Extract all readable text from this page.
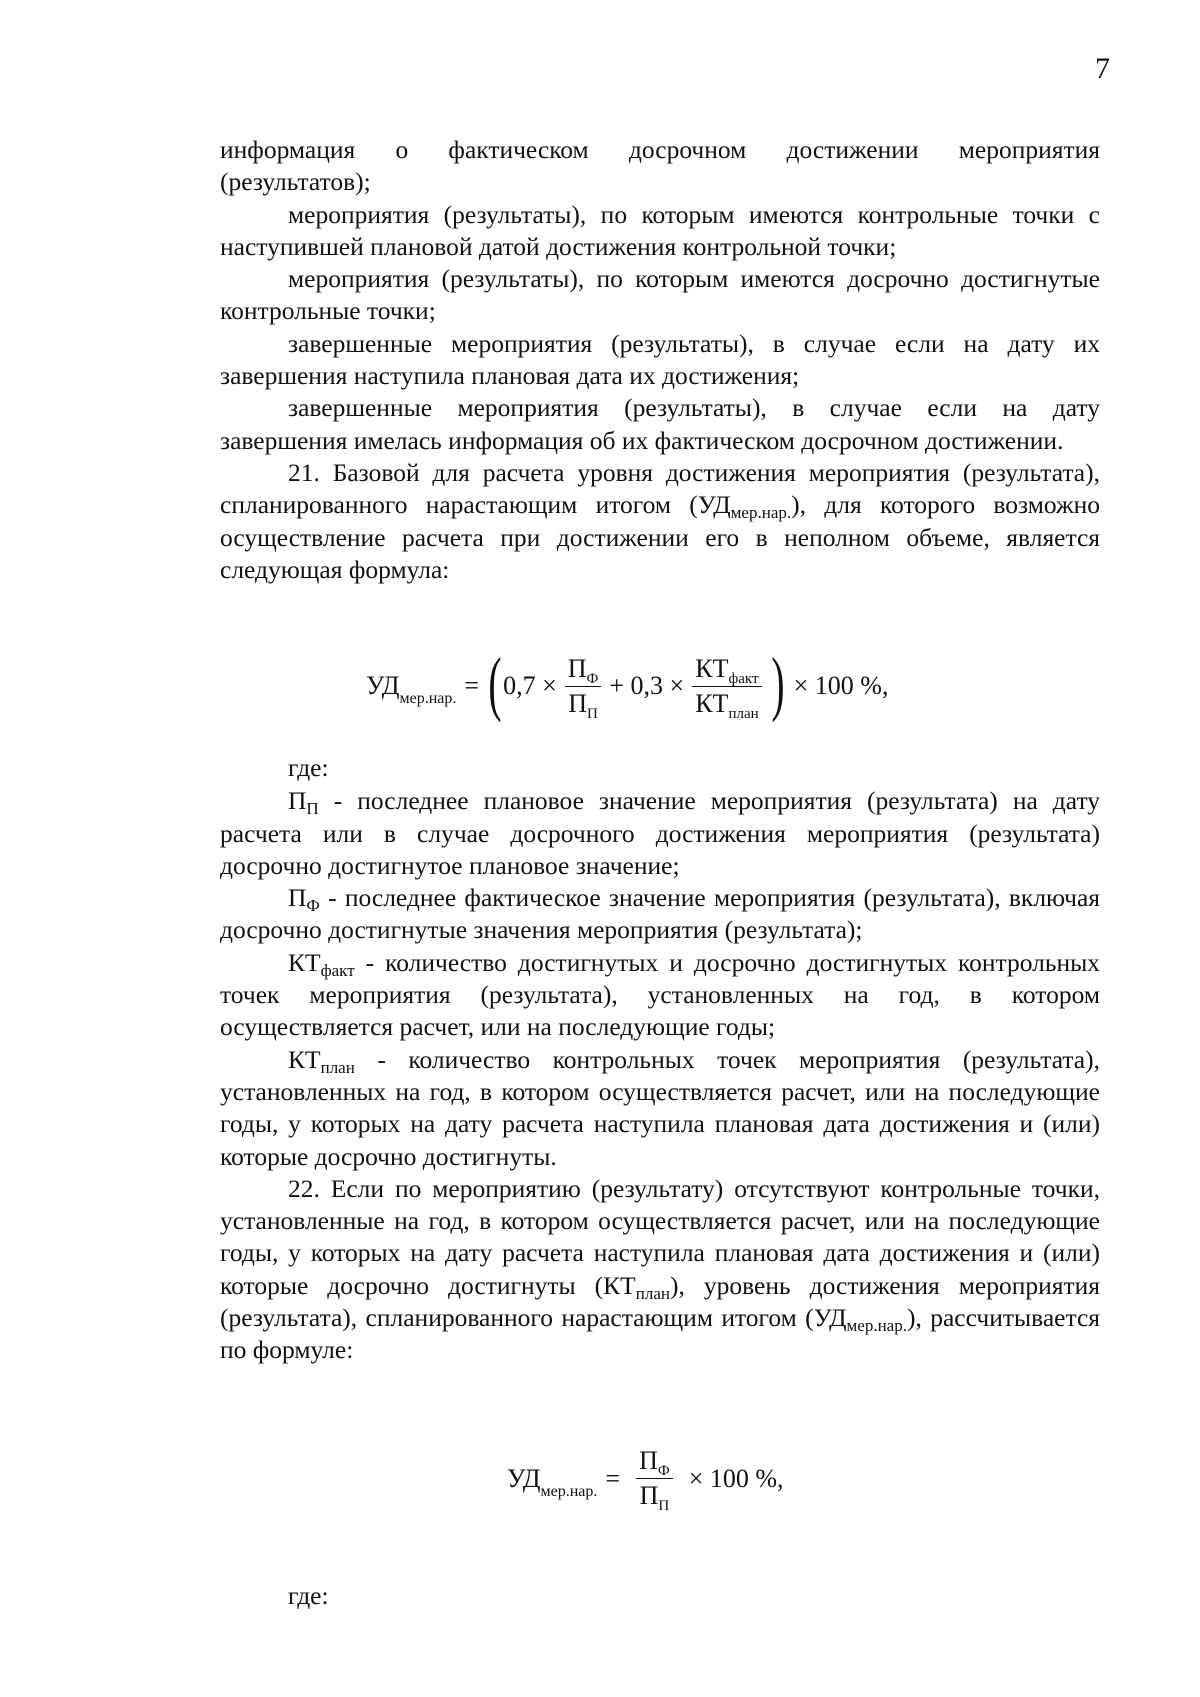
7

информация о фактическом досрочном достижении мероприятия

(результатов);

мероприятия (результаты), по которым имеются контрольные точки с наступившей плановой датой достижения контрольной точки;

мероприятия (результаты), по которым имеются досрочно достигнутые контрольные точки;

завершенные мероприятия (результаты), в случае если на дату их завершения наступила плановая дата их достижения;

завершенные мероприятия (результаты), в случае если на дату завершения имелась информация об их фактическом досрочном достижении.

21. Базовой для расчета уровня достижения мероприятия (результата), спланированного нарастающим итогом $(УД_{мер.нар.})$, для которого возможно осуществление расчета при достижении его в неполном объеме, является следующая формула:

$УД_{мер.нар.}$ = ( $0,7 \times \frac{П_Ф}{П_П} + 0,3 \times \frac{КТ_{факт}}{КТ_{план}}$ ) × 100 %,

где:

$П_П$ - последнее плановое значение мероприятия (результата) на дату расчета или в случае досрочного достижения мероприятия (результата) досрочно достигнутое плановое значение;

$П_Ф$ - последнее фактическое значение мероприятия (результата), включая досрочно достигнутые значения мероприятия (результата);

$КТ_{факт}$ - количество достигнутых и досрочно достигнутых контрольных точек мероприятия (результата), установленных на год, в котором осуществляется расчет, или на последующие годы;

$КТ_{план}$ - количество контрольных точек мероприятия (результата), установленных на год, в котором осуществляется расчет, или на последующие годы, у которых на дату расчета наступила плановая дата достижения и (или) которые досрочно достигнуты.

22. Если по мероприятию (результату) отсутствуют контрольные точки, установленные на год, в котором осуществляется расчет, или на последующие годы, у которых на дату расчета наступила плановая дата достижения и (или) которые досрочно достигнуты $(КТ_{план})$, уровень достижения мероприятия (результата), спланированного нарастающим итогом $(УД_{мер.нар.})$, рассчитывается по формуле:

$УД_{мер.нар.} = \frac{П_Ф}{П_П} \times 100$ %,

где:
